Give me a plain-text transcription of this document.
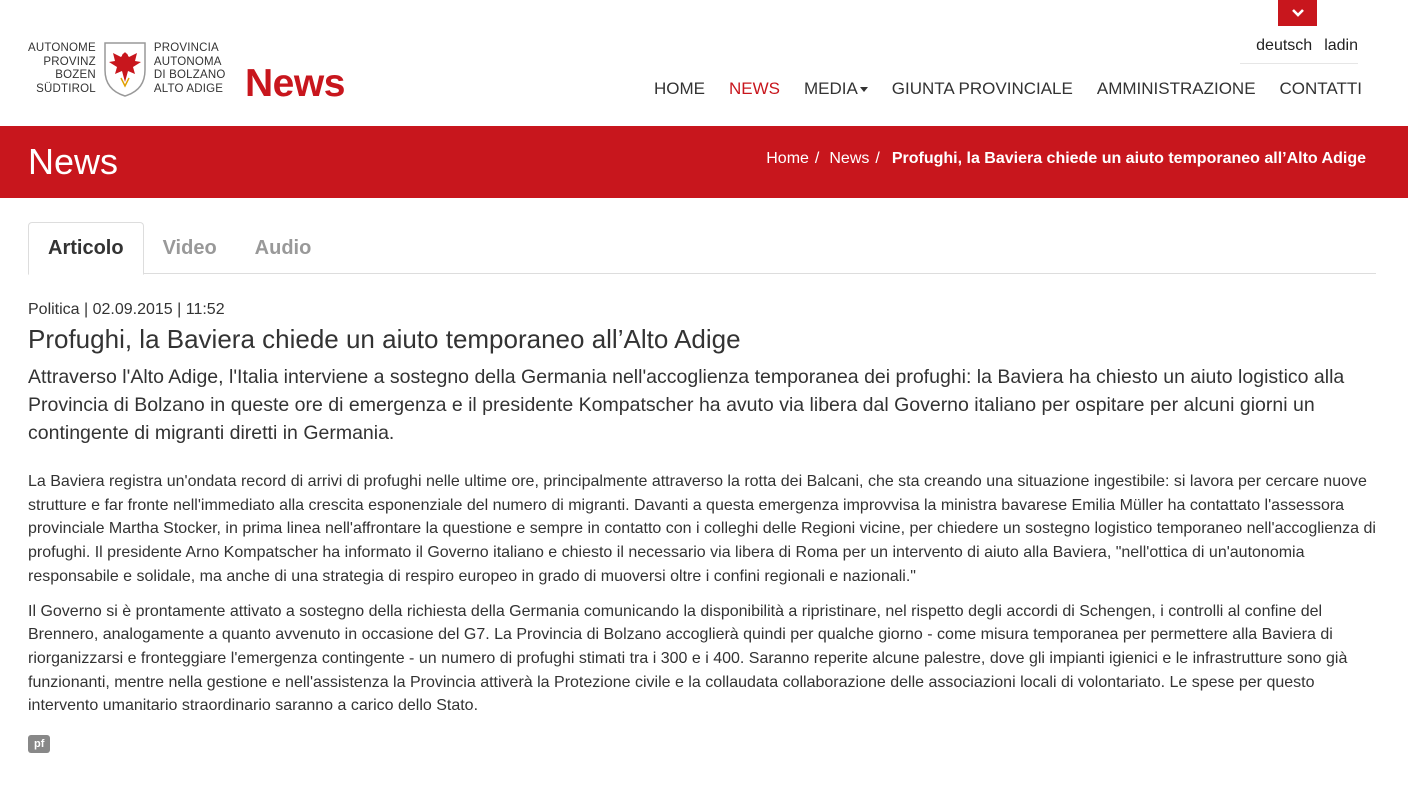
deutsch ladin
AUTONOME
PROVINZ
BOZEN
SÜDTIROL
PROVINCIA
AUTONOMA
DI BOLZANO
ALTO ADIGE News	HOME NEWS MEDIA	GIUNTA PROVINCIALE AMMINISTRAZIONE CONTATTI
News	Home / News / Profughi, la Baviera chiede un aiuto temporaneo all’Alto Adige
Articolo	Video	Audio
Politica | 02.09.2015 | 11:52
Profughi, la Baviera chiede un aiuto temporaneo all’Alto Adige

Attraverso l'Alto Adige, l'Italia interviene a sostegno della Germania nell'accoglienza temporanea dei profughi: la Baviera ha chiesto un aiuto logistico alla Provincia di Bolzano in queste ore di emergenza e il presidente Kompatscher ha avuto via libera dal Governo italiano per ospitare per alcuni giorni un contingente di migranti diretti in Germania.

La Baviera registra un'ondata record di arrivi di profughi nelle ultime ore, principalmente attraverso la rotta dei Balcani, che sta creando una situazione ingestibile: si lavora per cercare nuove strutture e far fronte nell'immediato alla crescita esponenziale del numero di migranti. Davanti a questa emergenza improvvisa la ministra bavarese Emilia Müller ha contattato l'assessora provinciale Martha Stocker, in prima linea nell'affrontare la questione e sempre in contatto con i colleghi delle Regioni vicine, per chiedere un sostegno logistico temporaneo nell'accoglienza di profughi. Il presidente Arno Kompatscher ha informato il Governo italiano e chiesto il necessario via libera di Roma per un intervento di aiuto alla Baviera, "nell'ottica di un'autonomia responsabile e solidale, ma anche di una strategia di respiro europeo in grado di muoversi oltre i confini regionali e nazionali."

Il Governo si è prontamente attivato a sostegno della richiesta della Germania comunicando la disponibilità a ripristinare, nel rispetto degli accordi di Schengen, i controlli al confine del Brennero, analogamente a quanto avvenuto in occasione del G7. La Provincia di Bolzano accoglierà quindi per qualche giorno - come misura temporanea per permettere alla Baviera di riorganizzarsi e fronteggiare l'emergenza contingente - un numero di profughi stimati tra i 300 e i 400. Saranno reperite alcune palestre, dove gli impianti igienici e le infrastrutture sono già funzionanti, mentre nella gestione e nell'assistenza la Provincia attiverà la Protezione civile e la collaudata collaborazione delle associazioni locali di volontariato. Le spese per questo intervento umanitario straordinario saranno a carico dello Stato.

pf
